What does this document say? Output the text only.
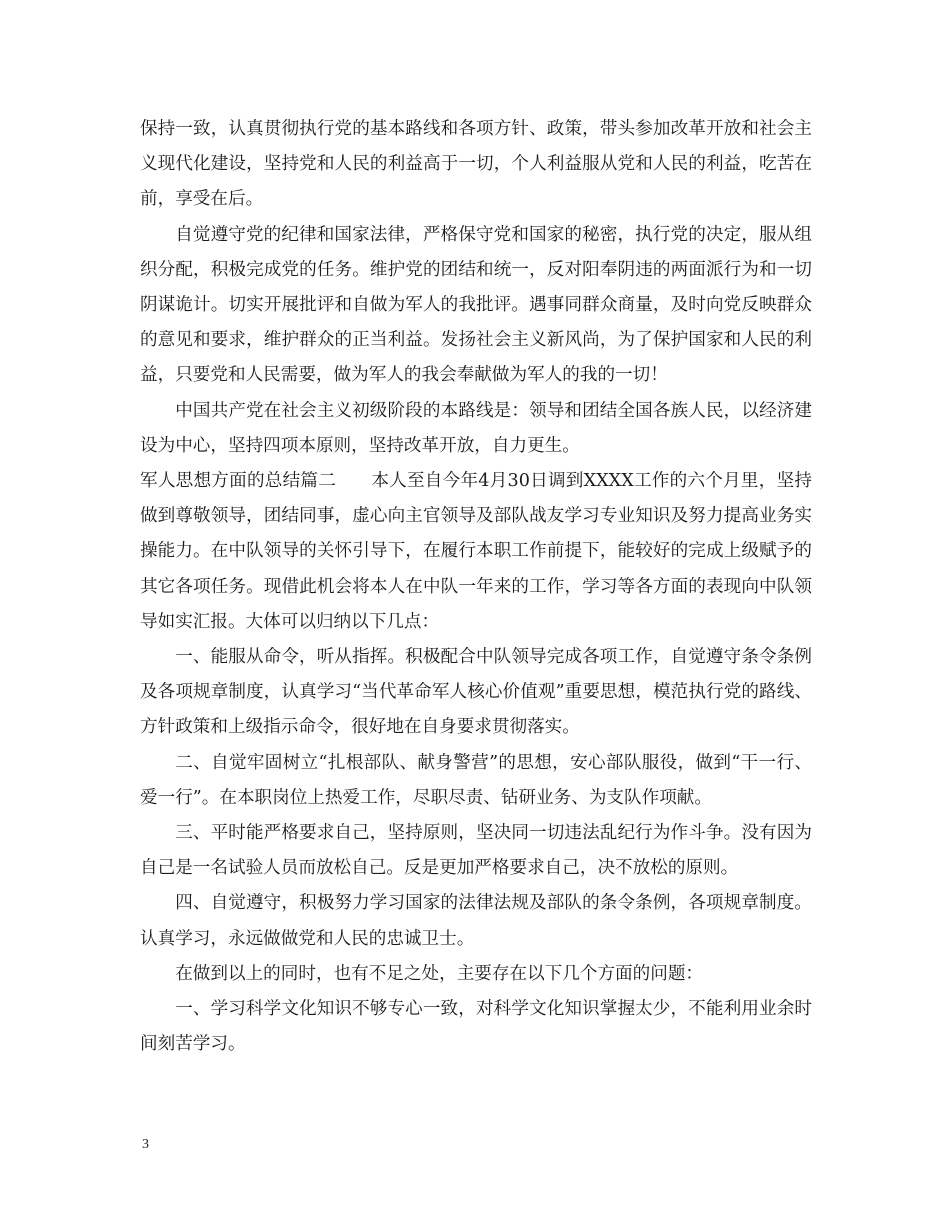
保持一致，认真贯彻执行党的基本路线和各项方针、政策，带头参加改革开放和社会主义现代化建设，坚持党和人民的利益高于一切，个人利益服从党和人民的利益，吃苦在前，享受在后。

自觉遵守党的纪律和国家法律，严格保守党和国家的秘密，执行党的决定，服从组织分配，积极完成党的任务。维护党的团结和统一，反对阳奉阴违的两面派行为和一切阴谋诡计。切实开展批评和自做为军人的我批评。遇事同群众商量，及时向党反映群众的意见和要求，维护群众的正当利益。发扬社会主义新风尚，为了保护国家和人民的利益，只要党和人民需要，做为军人的我会奉献做为军人的我的一切！

中国共产党在社会主义初级阶段的本路线是：领导和团结全国各族人民，以经济建设为中心，坚持四项本原则，坚持改革开放，自力更生。

军人思想方面的总结篇二 本人至自今年4月30日调到XXXX工作的六个月里，坚持做到尊敬领导，团结同事，虚心向主官领导及部队战友学习专业知识及努力提高业务实操能力。在中队领导的关怀引导下，在履行本职工作前提下，能较好的完成上级赋予的其它各项任务。现借此机会将本人在中队一年来的工作，学习等各方面的表现向中队领导如实汇报。大体可以归纳以下几点：

一、能服从命令，听从指挥。积极配合中队领导完成各项工作，自觉遵守条令条例及各项规章制度，认真学习“当代革命军人核心价值观”重要思想，模范执行党的路线、方针政策和上级指示命令，很好地在自身要求贯彻落实。

二、自觉牢固树立“扎根部队、献身警营”的思想，安心部队服役，做到“干一行、爱一行”。在本职岗位上热爱工作，尽职尽责、钻研业务、为支队作项献。

三、平时能严格要求自己，坚持原则，坚决同一切违法乱纪行为作斗争。没有因为自己是一名试验人员而放松自己。反是更加严格要求自己，决不放松的原则。

四、自觉遵守，积极努力学习国家的法律法规及部队的条令条例，各项规章制度。认真学习，永远做做党和人民的忠诚卫士。

在做到以上的同时，也有不足之处，主要存在以下几个方面的问题：

一、学习科学文化知识不够专心一致，对科学文化知识掌握太少，不能利用业余时间刻苦学习。

3
